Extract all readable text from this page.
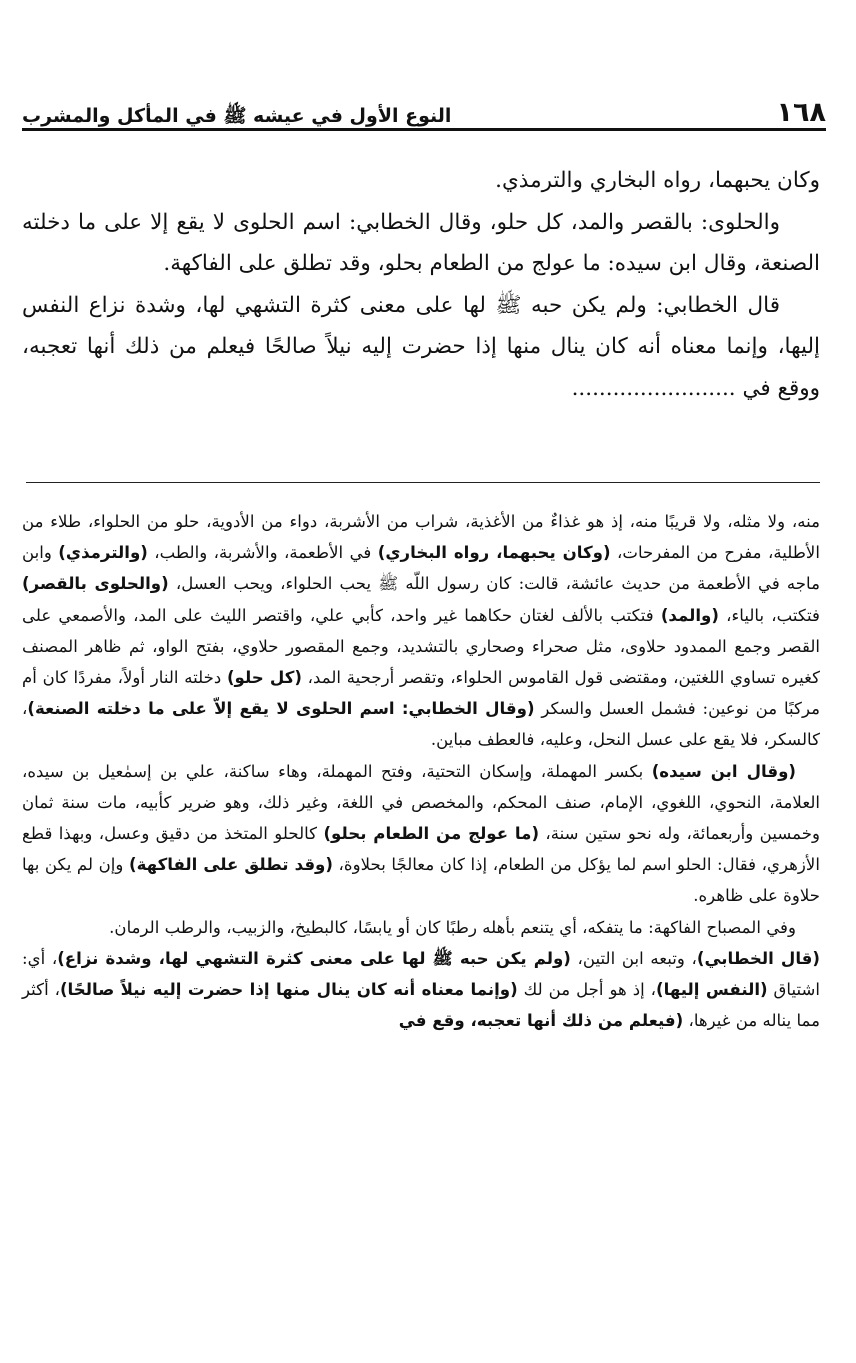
١٦٨
النوع الأول في عيشه ﷺ في المأكل والمشرب

وكان يحبهما، رواه البخاري والترمذي.

والحلوى: بالقصر والمد، كل حلو، وقال الخطابي: اسم الحلوى لا يقع إلا على ما دخلته الصنعة، وقال ابن سيده: ما عولج من الطعام بحلو، وقد تطلق على الفاكهة.

قال الخطابي: ولم يكن حبه ﷺ لها على معنى كثرة التشهي لها، وشدة نزاع النفس إليها، وإنما معناه أنه كان ينال منها إذا حضرت إليه نيلاً صالحًا فيعلم من ذلك أنها تعجبه، ووقع في ........................

منه، ولا مثله، ولا قريبًا منه، إذ هو غذاءٌ من الأغذية، شراب من الأشربة، دواء من الأدوية، حلو من الحلواء، طلاء من الأطلية، مفرح من المفرحات، (وكان يحبهما، رواه البخاري) في الأطعمة، والأشربة، والطب، (والترمذي) وابن ماجه في الأطعمة من حديث عائشة، قالت: كان رسول اللّه ﷺ يحب الحلواء، ويحب العسل، (والحلوى بالقصر) فتكتب، بالياء، (والمد) فتكتب بالألف لغتان حكاهما غير واحد، كأبي علي، واقتصر الليث على المد، والأصمعي على القصر وجمع الممدود حلاوى، مثل صحراء وصحاري بالتشديد، وجمع المقصور حلاوي، بفتح الواو، ثم ظاهر المصنف كغيره تساوي اللغتين، ومقتضى قول القاموس الحلواء، وتقصر أرجحية المد، (كل حلو) دخلته النار أولاً، مفردًا كان أم مركبًا من نوعين: فشمل العسل والسكر (وقال الخطابي: اسم الحلوى لا يقع إلاّ على ما دخلته الصنعة)، كالسكر، فلا يقع على عسل النحل، وعليه، فالعطف مباين.

(وقال ابن سيده) بكسر المهملة، وإسكان التحتية، وفتح المهملة، وهاء ساكنة، علي بن إسمٰعيل بن سيده، العلامة، النحوي، اللغوي، الإمام، صنف المحكم، والمخصص في اللغة، وغير ذلك، وهو ضرير كأبيه، مات سنة ثمان وخمسين وأربعمائة، وله نحو ستين سنة، (ما عولج من الطعام بحلو) كالحلو المتخذ من دقيق وعسل، وبهذا قطع الأزهري، فقال: الحلو اسم لما يؤكل من الطعام، إذا كان معالجًا بحلاوة، (وقد تطلق على الفاكهة) وإن لم يكن بها حلاوة على ظاهره.

وفي المصباح الفاكهة: ما يتفكه، أي يتنعم بأهله رطبًا كان أو يابسًا، كالبطيخ، والزبيب، والرطب الرمان.

(قال الخطابي)، وتبعه ابن التين، (ولم يكن حبه ﷺ لها على معنى كثرة التشهي لها، وشدة نزاع)، أي: اشتياق (النفس إليها)، إذ هو أجل من لك (وإنما معناه أنه كان ينال منها إذا حضرت إليه نيلاً صالحًا)، أكثر مما يناله من غيرها، (فيعلم من ذلك أنها تعجبه، وقع في
